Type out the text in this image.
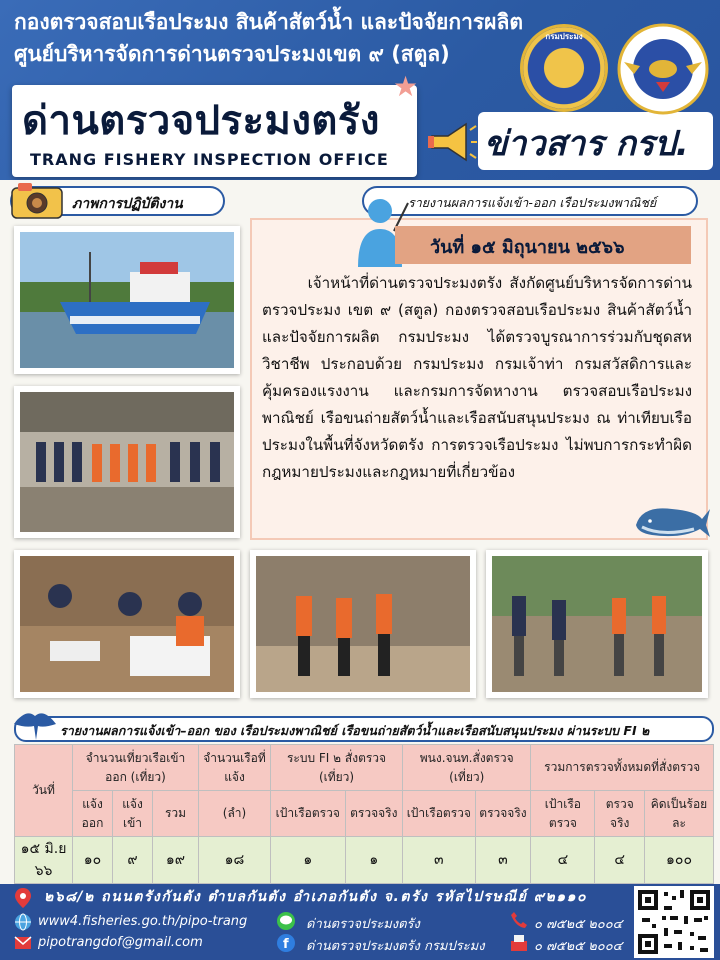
กองตรวจสอบเรือประมง สินค้าสัตว์น้ำ และปัจจัยการผลิต
ศูนย์บริหารจัดการด่านตรวจประมงเขต ๙ (สตูล)
ด่านตรวจประมงตรัง
TRANG FISHERY INSPECTION OFFICE
★
ข่าวสาร กรป.
กรมประมง
ภาพการปฏิบัติงาน	รายงานผลการแจ้งเข้า-ออก เรือประมงพาณิชย์
วันที่ ๑๕ มิถุนายน ๒๕๖๖
   เจ้าหน้าที่ด่านตรวจประมงตรัง สังกัดศูนย์บริหารจัดการด่านตรวจประมง เขต ๙ (สตูล) กองตรวจสอบเรือประมง สินค้าสัตว์น้ำ และปัจจัยการผลิต กรมประมง ได้ตรวจบูรณาการร่วมกับชุดสหวิชาชีพ ประกอบด้วย กรมประมง กรมเจ้าท่า กรมสวัสดิการและคุ้มครองแรงงาน และกรมการจัดหางาน ตรวจสอบเรือประมงพาณิชย์ เรือขนถ่ายสัตว์น้ำและเรือสนับสนุนประมง ณ ท่าเทียบเรือประมงในพื้นที่จังหวัดตรัง การตรวจเรือประมง ไม่พบการกระทำผิดกฎหมายประมงและกฎหมายที่เกี่ยวข้อง
รายงานผลการแจ้งเข้า–ออก ของ เรือประมงพาณิชย์ เรือขนถ่ายสัตว์น้ำและเรือสนับสนุนประมง ผ่านระบบ FI ๒
วันที่	จำนวนเที่ยวเรือเข้าออก (เที่ยว)			จำนวนเรือที่แจ้ง	ระบบ FI ๒ สั่งตรวจ (เที่ยว)		พนง.จนท.สั่งตรวจ (เที่ยว)		รวมการตรวจทั้งหมดที่สั่งตรวจ		
	แจ้งออก	แจ้งเข้า	รวม	(ลำ)	เป้าเรือตรวจ	ตรวจจริง	เป้าเรือตรวจ	ตรวจจริง	เป้าเรือตรวจ	ตรวจจริง	คิดเป็นร้อยละ
๑๕ มิ.ย ๖๖	๑๐	๙	๑๙	๑๘	๑	๑	๓	๓	๔	๔	๑๐๐
๒๖๘/๒ ถนนตรังกันตัง ตำบลกันตัง อำเภอกันตัง จ.ตรัง รหัสไปรษณีย์ ๙๒๑๑๐
www4.fisheries.go.th/pipo-trang
pipotrangdof@gmail.com
ด่านตรวจประมงตรัง
f ด่านตรวจประมงตรัง กรมประมง
๐ ๗๕๒๕ ๒๐๐๔
๐ ๗๕๒๕ ๒๐๐๔
